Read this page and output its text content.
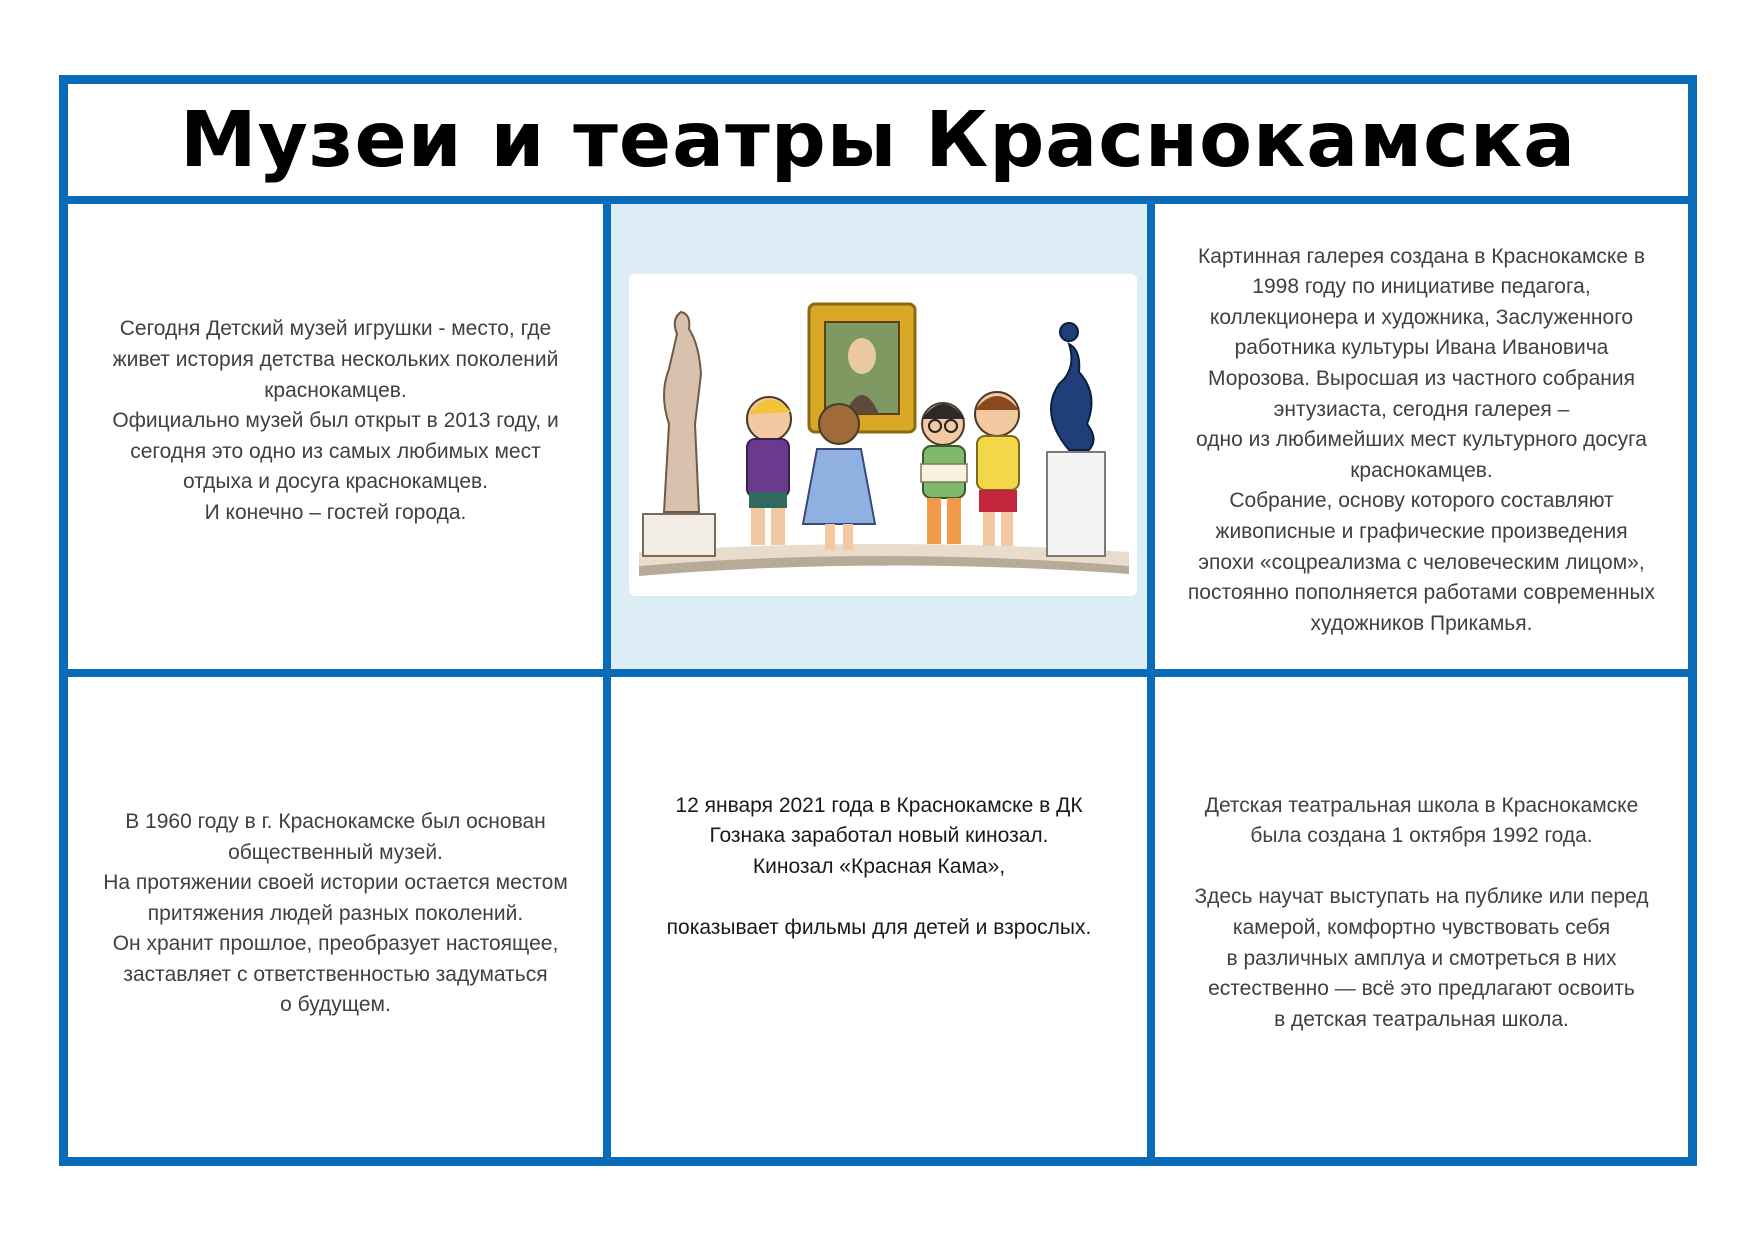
Музеи и театры Краснокамска

Сегодня Детский музей игрушки - место, где
живет история детства нескольких поколений
краснокамцев.
Официально музей был открыт в 2013 году, и
сегодня это одно из самых любимых мест
отдыха и досуга краснокамцев.
И конечно – гостей города.

Картинная галерея создана в Краснокамске в
1998 году по инициативе педагога,
коллекционера и художника, Заслуженного
работника культуры Ивана Ивановича
Морозова. Выросшая из частного собрания
энтузиаста, сегодня галерея –
одно из любимейших мест культурного досуга
краснокамцев.
Собрание, основу которого составляют
живописные и графические произведения
эпохи «соцреализма с человеческим лицом»,
постоянно пополняется работами современных
художников Прикамья.

В 1960 году в г. Краснокамске был основан
общественный музей.
На протяжении своей истории остается местом
притяжения людей разных поколений.
Он хранит прошлое, преобразует настоящее,
заставляет с ответственностью задуматься
о будущем.

12 января 2021 года в Краснокамске в ДК
Гознака заработал новый кинозал.
Кинозал «Красная Кама»,

показывает фильмы для детей и взрослых.

Детская театральная школа в Краснокамске
была создана 1 октября 1992 года.

Здесь научат выступать на публике или перед
камерой, комфортно чувствовать себя
в различных амплуа и смотреться в них
естественно — всё это предлагают освоить
в детская театральная школа.
